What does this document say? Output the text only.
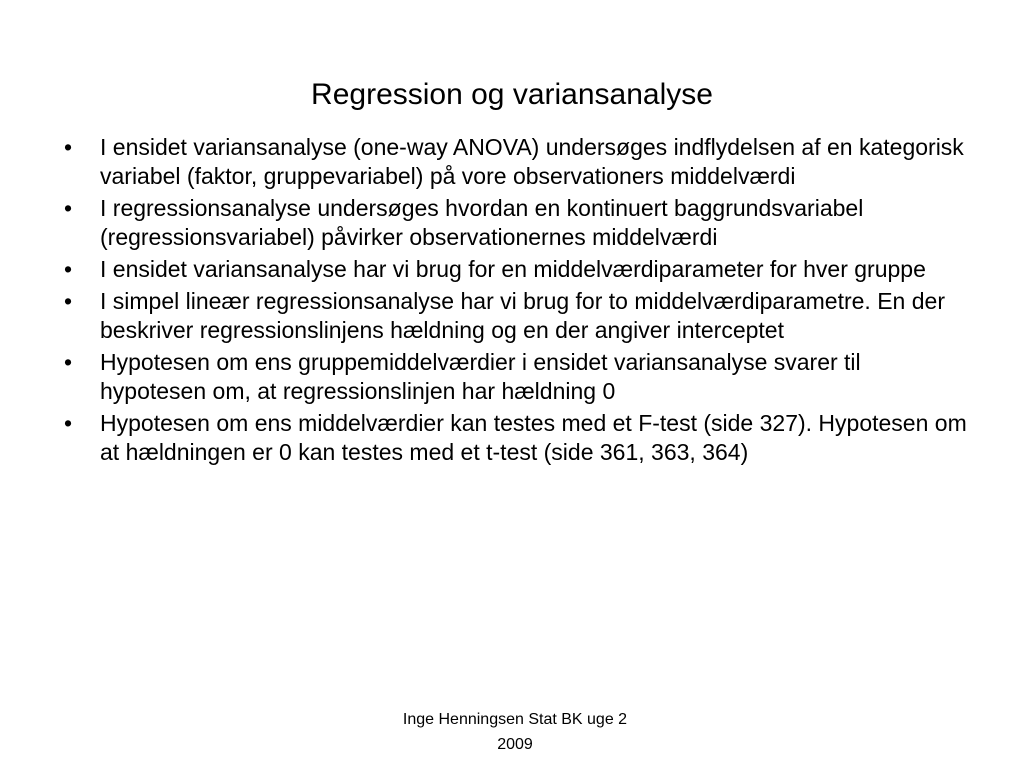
Regression og variansanalyse
• I ensidet variansanalyse (one-way ANOVA) undersøges indflydelsen af en kategorisk variabel (faktor, gruppevariabel) på vore observationers middelværdi
• I regressionsanalyse undersøges hvordan en kontinuert baggrundsvariabel (regressionsvariabel) påvirker observationernes middelværdi
• I ensidet variansanalyse har vi brug for en middelværdiparameter for hver gruppe
• I simpel lineær regressionsanalyse har vi brug for to middelværdiparametre. En der beskriver regressionslinjens hældning og en der angiver interceptet
• Hypotesen om ens gruppemiddelværdier i ensidet variansanalyse svarer til hypotesen om, at regressionslinjen har hældning 0
• Hypotesen om ens middelværdier kan testes med et F-test (side 327). Hypotesen om at hældningen er 0 kan testes med et t-test (side 361, 363, 364)
Inge Henningsen Stat BK uge 2
2009
